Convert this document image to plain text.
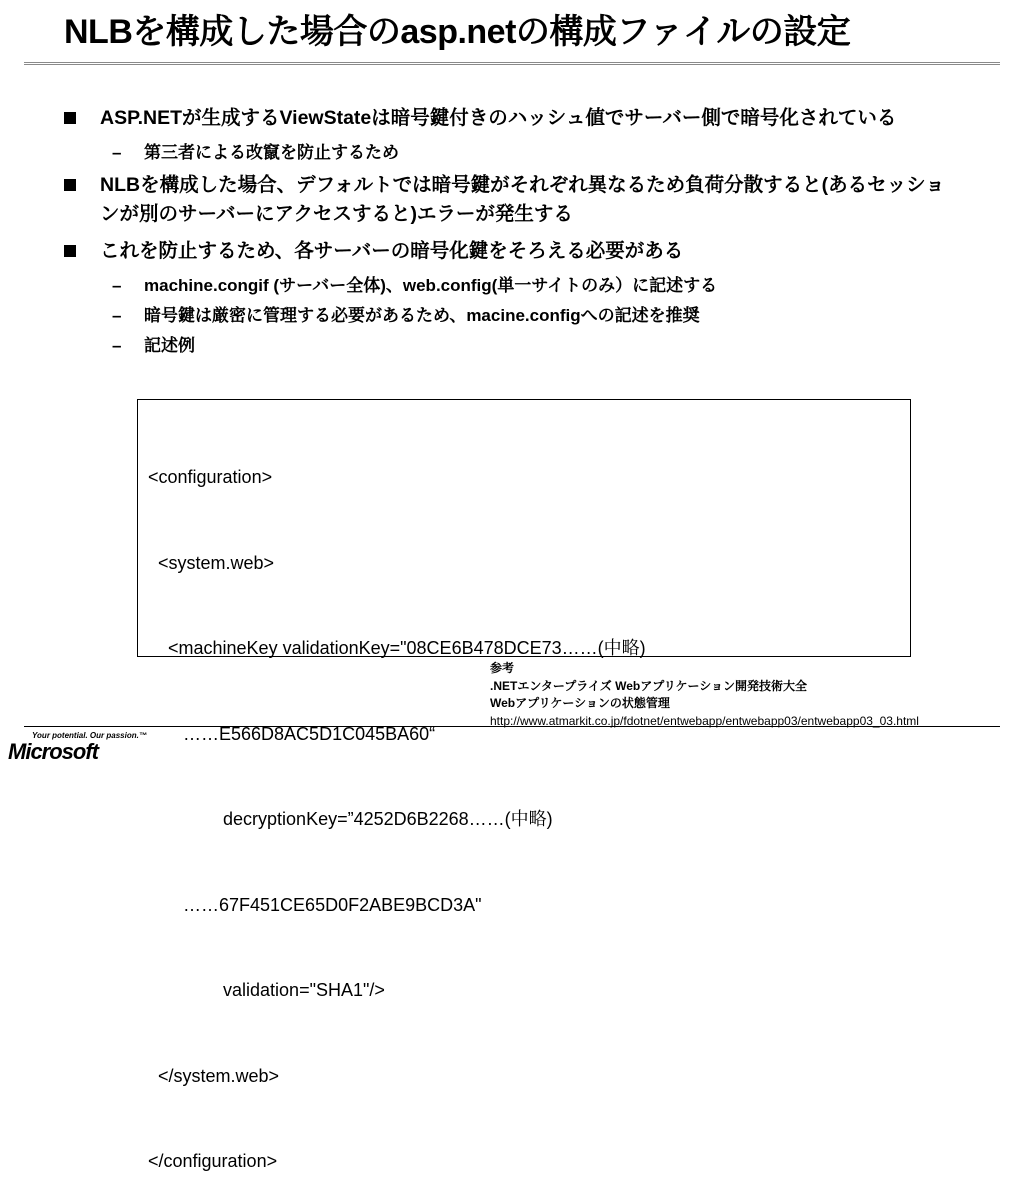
NLBを構成した場合のasp.netの構成ファイルの設定
ASP.NETが生成するViewStateは暗号鍵付きのハッシュ値でサーバー側で暗号化されている
– 第三者による改竄を防止するため
NLBを構成した場合、デフォルトでは暗号鍵がそれぞれ異なるため負荷分散すると(あるセッションが別のサーバーにアクセスすると)エラーが発生する
これを防止するため、各サーバーの暗号化鍵をそろえる必要がある
– machine.congif (サーバー全体)、web.config(単一サイトのみ）に記述する
– 暗号鍵は厳密に管理する必要があるため、macine.configへの記述を推奨
– 記述例

<configuration>

<system.web>

<machineKey validationKey="08CE6B478DCE73……(中略)

……E566D8AC5D1C045BA60“

decryptionKey=”4252D6B2268……(中略)

……67F451CE65D0F2ABE9BCD3A"

validation="SHA1"/>

</system.web>

</configuration>

参考
.NETエンタープライズ Webアプリケーション開発技術大全
Webアプリケーションの状態管理
http://www.atmarkit.co.jp/fdotnet/entwebapp/entwebapp03/entwebapp03_03.html
Your potential. Our passion.™
Microsoft
